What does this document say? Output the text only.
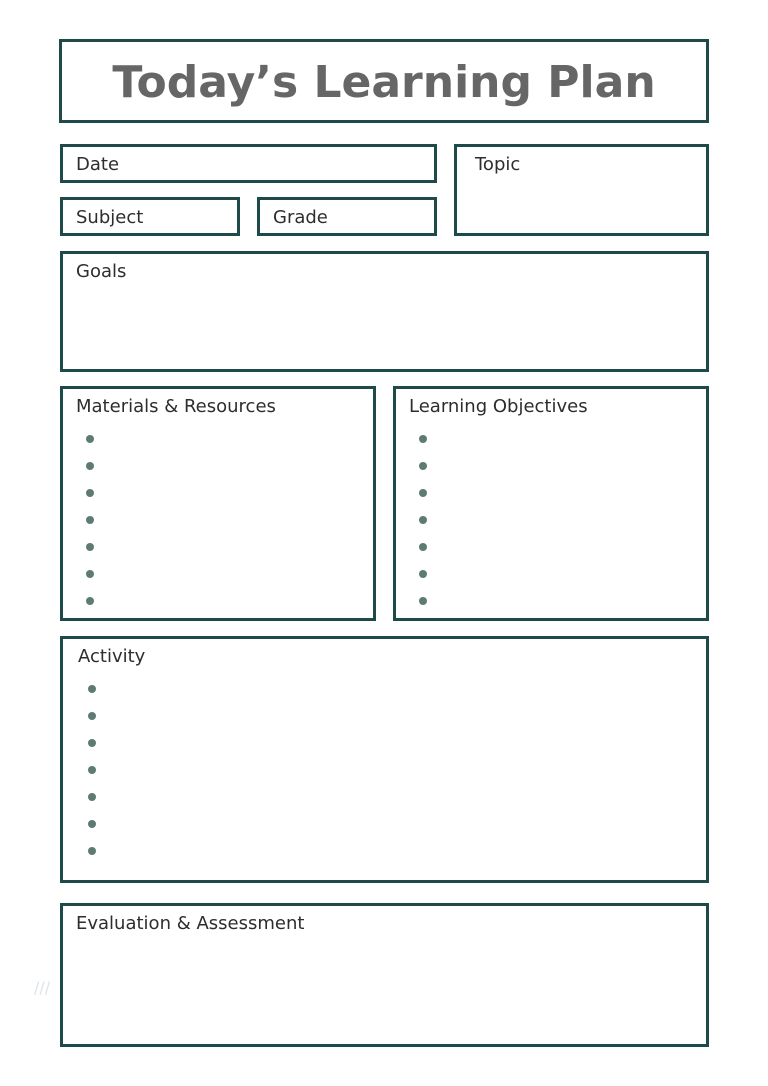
Today’s Learning Plan
Date	Topic
Subject	Grade
Goals
Materials & Resources	Learning Objectives
Activity
Evaluation & Assessment
///
